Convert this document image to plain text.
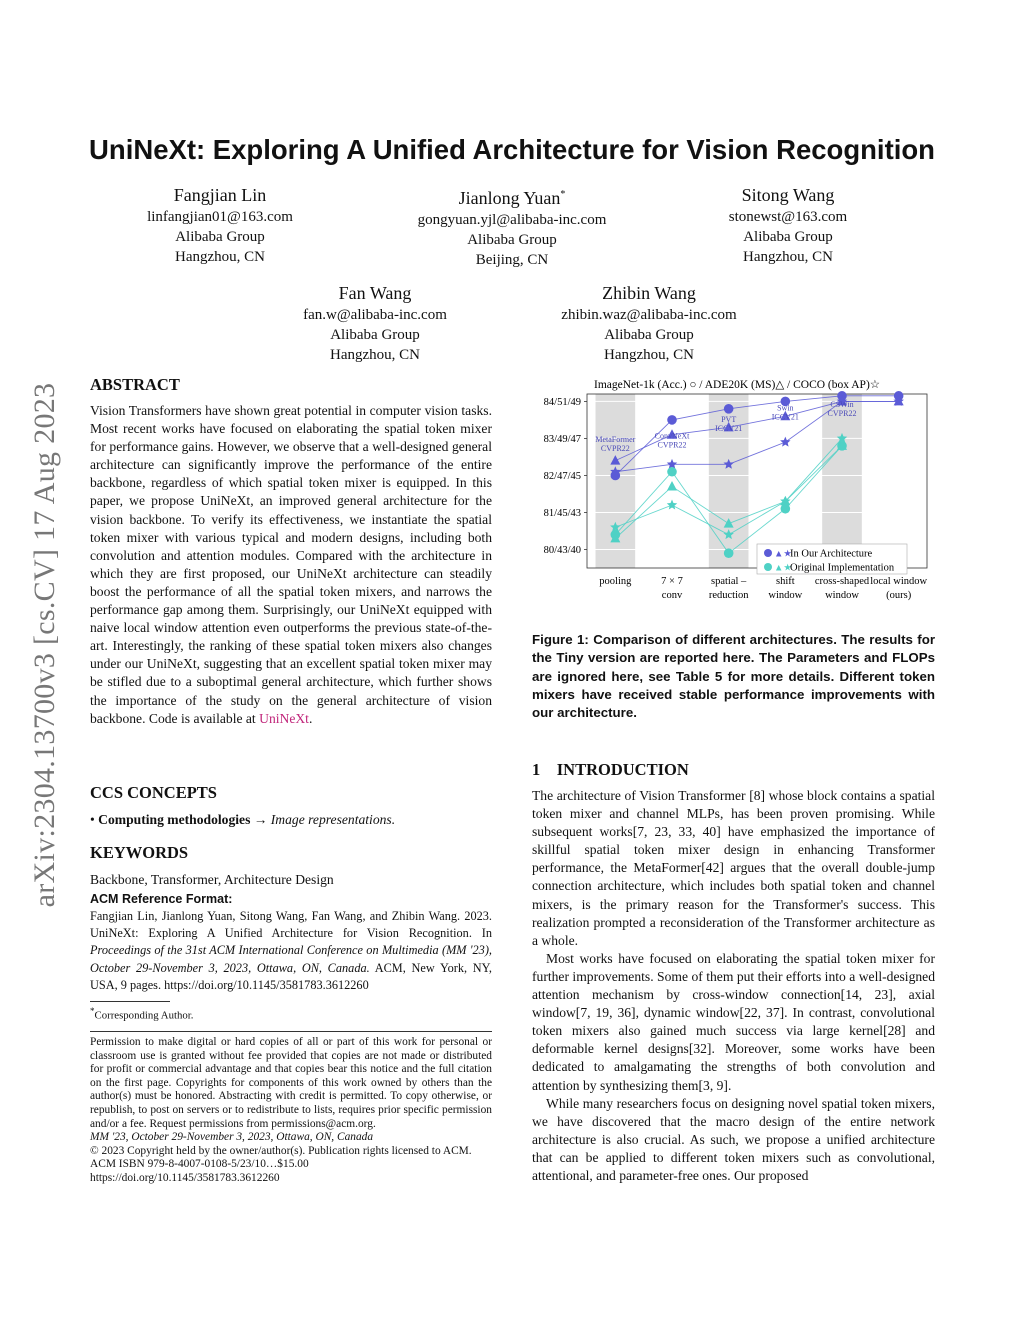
arXiv:2304.13700v3 [cs.CV] 17 Aug 2023
UniNeXt: Exploring A Unified Architecture for Vision Recognition
Fangjian Lin
linfangjian01@163.com
Alibaba Group
Hangzhou, CN
Jianlong Yuan*
gongyuan.yjl@alibaba-inc.com
Alibaba Group
Beijing, CN
Sitong Wang
stonewst@163.com
Alibaba Group
Hangzhou, CN
Fan Wang
fan.w@alibaba-inc.com
Alibaba Group
Hangzhou, CN
Zhibin Wang
zhibin.waz@alibaba-inc.com
Alibaba Group
Hangzhou, CN
ABSTRACT

Vision Transformers have shown great potential in computer vision tasks. Most recent works have focused on elaborating the spatial token mixer for performance gains. However, we observe that a well-designed general architecture can significantly improve the performance of the entire backbone, regardless of which spatial token mixer is equipped. In this paper, we propose UniNeXt, an improved general architecture for the vision backbone. To verify its effectiveness, we instantiate the spatial token mixer with various typical and modern designs, including both convolution and attention modules. Compared with the architecture in which they are first proposed, our UniNeXt architecture can steadily boost the performance of all the spatial token mixers, and narrows the performance gap among them. Surprisingly, our UniNeXt equipped with naive local window attention even outperforms the previous state-of-the-art. Interestingly, the ranking of these spatial token mixers also changes under our UniNeXt, suggesting that an excellent spatial token mixer may be stifled due to a suboptimal general architecture, which further shows the importance of the study on the general architecture of vision backbone. Code is available at UniNeXt.

CCS CONCEPTS

• Computing methodologies → Image representations.

KEYWORDS

Backbone, Transformer, Architecture Design

ACM Reference Format:

Fangjian Lin, Jianlong Yuan, Sitong Wang, Fan Wang, and Zhibin Wang. 2023. UniNeXt: Exploring A Unified Architecture for Vision Recognition. In Proceedings of the 31st ACM International Conference on Multimedia (MM '23), October 29-November 3, 2023, Ottawa, ON, Canada. ACM, New York, NY, USA, 9 pages. https://doi.org/10.1145/3581783.3612260

*Corresponding Author.

Permission to make digital or hard copies of all or part of this work for personal or classroom use is granted without fee provided that copies are not made or distributed for profit or commercial advantage and that copies bear this notice and the full citation on the first page. Copyrights for components of this work owned by others than the author(s) must be honored. Abstracting with credit is permitted. To copy otherwise, or republish, to post on servers or to redistribute to lists, requires prior specific permission and/or a fee. Request permissions from permissions@acm.org.

MM '23, October 29-November 3, 2023, Ottawa, ON, Canada

© 2023 Copyright held by the owner/author(s). Publication rights licensed to ACM.

ACM ISBN 979-8-4007-0108-5/23/10…$15.00

https://doi.org/10.1145/3581783.3612260

ImageNet-1k (Acc.) ○ / ADE20K (MS)△ / COCO (box AP)☆
80/43/40
81/45/43
82/47/45
83/49/47
84/51/49
MetaFormer
CVPR22
ConvNeXt
CVPR22
PVT
ICCV21
Swin
ICCV21
CSWin
CVPR22
pooling	7 × 7
conv
spatial –
reduction
shift
window
cross-shaped
window
local window
(ours)
▲★
In Our Architecture
▲★
Original Implementation
Figure 1: Comparison of different architectures. The results for the Tiny version are reported here. The Parameters and FLOPs are ignored here, see Table 5 for more details. Different token mixers have received stable performance improvements with our architecture.
1 INTRODUCTION

The architecture of Vision Transformer [8] whose block contains a spatial token mixer and channel MLPs, has been proven promising. While subsequent works[7, 23, 33, 40] have emphasized the importance of skillful spatial token mixer design in enhancing Transformer performance, the MetaFormer[42] argues that the overall double-jump connection architecture, which includes both spatial token and channel mixers, is the primary reason for the Transformer's success. This realization prompted a reconsideration of the Transformer architecture as a whole.

Most works have focused on elaborating the spatial token mixer for further improvements. Some of them put their efforts into a well-designed attention mechanism by cross-window connection[14, 23], axial window[7, 19, 36], dynamic window[22, 37]. In contrast, convolutional token mixers also gained much success via large kernel[28] and deformable kernel designs[32]. Moreover, some works have been dedicated to amalgamating the strengths of both convolution and attention by synthesizing them[3, 9].

While many researchers focus on designing novel spatial token mixers, we have discovered that the macro design of the entire network architecture is also crucial. As such, we propose a unified architecture that can be applied to different token mixers such as convolutional, attentional, and parameter-free ones. Our proposed
